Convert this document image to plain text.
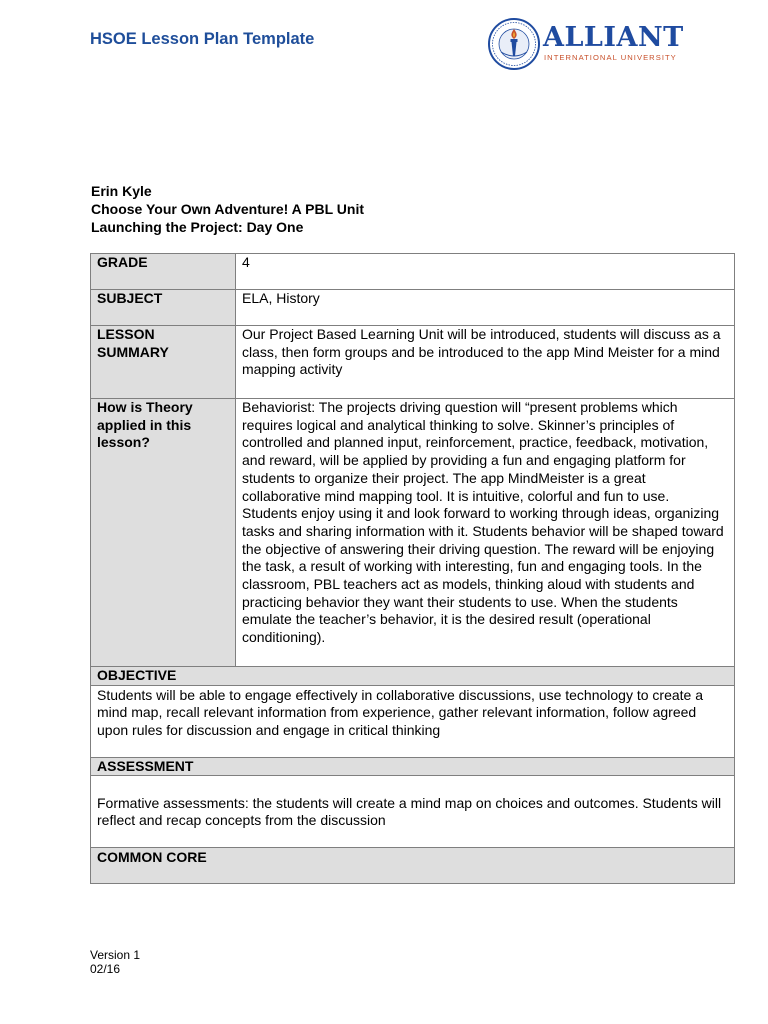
HSOE Lesson Plan Template	ALLIANT
INTERNATIONAL UNIVERSITY
Erin Kyle
Choose Your Own Adventure! A PBL Unit
Launching the Project: Day One
GRADE	4
SUBJECT	ELA, History
LESSON SUMMARY	Our Project Based Learning Unit will be introduced, students will discuss as a class, then form groups and be introduced to the app Mind Meister for a mind mapping activity
How is Theory applied in this lesson?	Behaviorist: The projects driving question will “present problems which requires logical and analytical thinking to solve. Skinner’s principles of controlled and planned input, reinforcement, practice, feedback, motivation, and reward, will be applied by providing a fun and engaging platform for students to organize their project. The app MindMeister is a great collaborative mind mapping tool. It is intuitive, colorful and fun to use. Students enjoy using it and look forward to working through ideas, organizing tasks and sharing information with it. Students behavior will be shaped toward the objective of answering their driving question. The reward will be enjoying the task, a result of working with interesting, fun and engaging tools. In the classroom, PBL teachers act as models, thinking aloud with students and practicing behavior they want their students to use. When the students emulate the teacher’s behavior, it is the desired result (operational conditioning).
OBJECTIVE	
Students will be able to engage effectively in collaborative discussions, use technology to create a mind map, recall relevant information from experience, gather relevant information, follow agreed upon rules for discussion and engage in critical thinking	
ASSESSMENT	
Formative assessments: the students will create a mind map on choices and outcomes. Students will reflect and recap concepts from the discussion	
COMMON CORE	
Version 1
02/16
